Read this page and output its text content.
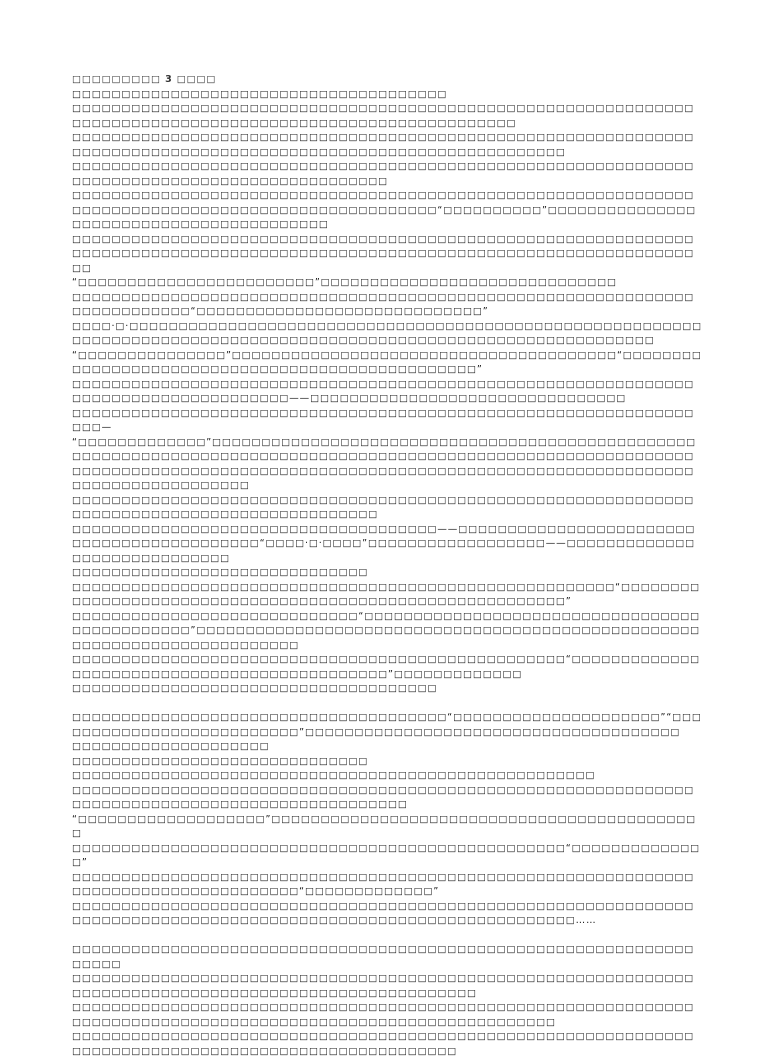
□□□□□□□□□ 3 □□□□
□□□□□□□□□□□□□□□□□□□□□□□□□□□□□□□□□□□□□□
□□□□□□□□□□□□□□□□□□□□□□□□□□□□□□□□□□□□□□□□□□□□□□□□□□□□□□□□□□□□□□□□□□□□□□□□□□□□□□□□□□□□□□□□□□□□□□□□□□□□□□□□□□□□
□□□□□□□□□□□□□□□□□□□□□□□□□□□□□□□□□□□□□□□□□□□□□□□□□□□□□□□□□□□□□□□□□□□□□□□□□□□□□□□□□□□□□□□□□□□□□□□□□□□□□□□□□□□□□□□□□
□□□□□□□□□□□□□□□□□□□□□□□□□□□□□□□□□□□□□□□□□□□□□□□□□□□□□□□□□□□□□□□□□□□□□□□□□□□□□□□□□□□□□□□□□□□□□□□
□□□□□□□□□□□□□□□□□□□□□□□□□□□□□□□□□□□□□□□□□□□□□□□□□□□□□□□□□□□□□□□□□□□□□□□□□□□□□□□□□□□□□□□□□□□□□□□□□□□□“□□□□□□□□□□”□□□□□□□□□□□□□□□□□□□□□□□□□□□□□□□□□□□□□□□□□
□□□□□□□□□□□□□□□□□□□□□□□□□□□□□□□□□□□□□□□□□□□□□□□□□□□□□□□□□□□□□□□□□□□□□□□□□□□□□□□□□□□□□□□□□□□□□□□□□□□□□□□□□□□□□□□□□□□□□□□□□□□□□□□□
“□□□□□□□□□□□□□□□□□□□□□□□□”□□□□□□□□□□□□□□□□□□□□□□□□□□□□□□
□□□□□□□□□□□□□□□□□□□□□□□□□□□□□□□□□□□□□□□□□□□□□□□□□□□□□□□□□□□□□□□□□□□□□□□□□□□“□□□□□□□□□□□□□□□□□□□□□□□□□□□□□”
□□□□·□·□□□□□□□□□□□□□□□□□□□□□□□□□□□□□□□□□□□□□□□□□□□□□□□□□□□□□□□□□□□□□□□□□□□□□□□□□□□□□□□□□□□□□□□□□□□□□□□□□□□□□□□□□□□□□□□□□□□□□
“□□□□□□□□□□□□□□□”□□□□□□□□□□□□□□□□□□□□□□□□□□□□□□□□□□□□□□□“□□□□□□□□□□□□□□□□□□□□□□□□□□□□□□□□□□□□□□□□□□□□□□□□□”
□□□□□□□□□□□□□□□□□□□□□□□□□□□□□□□□□□□□□□□□□□□□□□□□□□□□□□□□□□□□□□□□□□□□□□□□□□□□□□□□□□□□□——□□□□□□□□□□□□□□□□□□□□□□□□□□□□□□□□
□□□□□□□□□□□□□□□□□□□□□□□□□□□□□□□□□□□□□□□□□□□□□□□□□□□□□□□□□□□□□□□□□□—
“□□□□□□□□□□□□□”□□□□□□□□□□□□□□□□□□□□□□□□□□□□□□□□□□□□□□□□□□□□□□□□□□□□□□□□□□□□□□□□□□□□□□□□□□□□□□□□□□□□□□□□□□□□□□□□□□□□□□□□□□□□□□□□□□□□□□□□□□□□□□□□□□□□□□□□□□□□□□□□□□□□□□□□□□□□□□□□□□□□□□□□□□□□□□□□□□□□□□□□□□□□□□□□□
□□□□□□□□□□□□□□□□□□□□□□□□□□□□□□□□□□□□□□□□□□□□□□□□□□□□□□□□□□□□□□□□□□□□□□□□□□□□□□□□□□□□□□□□□□□□□□
□□□□□□□□□□□□□□□□□□□□□□□□□□□□□□□□□□□□□——□□□□□□□□□□□□□□□□□□□□□□□□□□□□□□□□□□□□□□□□□□□“□□□□·□·□□□□”□□□□□□□□□□□□□□□□□□——□□□□□□□□□□□□□□□□□□□□□□□□□□□□□
□□□□□□□□□□□□□□□□□□□□□□□□□□□□□□
□□□□□□□□□□□□□□□□□□□□□□□□□□□□□□□□□□□□□□□□□□□□□□□□□□□□□□□“□□□□□□□□□□□□□□□□□□□□□□□□□□□□□□□□□□□□□□□□□□□□□□□□□□□□□□□□□□”
□□□□□□□□□□□□□□□□□□□□□□□□□□□□□“□□□□□□□□□□□□□□□□□□□□□□□□□□□□□□□□□□□□□□□□□□□□□□”□□□□□□□□□□□□□□□□□□□□□□□□□□□□□□□□□□□□□□□□□□□□□□□□□□□□□□□□□□□□□□□□□□□□□□□□□□
□□□□□□□□□□□□□□□□□□□□□□□□□□□□□□□□□□□□□□□□□□□□□□□□□□“□□□□□□□□□□□□□□□□□□□□□□□□□□□□□□□□□□□□□□□□□□□□□”□□□□□□□□□□□□□
□□□□□□□□□□□□□□□□□□□□□□□□□□□□□□□□□□□□□
□□□□□□□□□□□□□□□□□□□□□□□□□□□□□□□□□□□□□□“□□□□□□□□□□□□□□□□□□□□□”“□□□□□□□□□□□□□□□□□□□□□□□□□□”□□□□□□□□□□□□□□□□□□□□□□□□□□□□□□□□□□□□□□
□□□□□□□□□□□□□□□□□□□□
□□□□□□□□□□□□□□□□□□□□□□□□□□□□□□
□□□□□□□□□□□□□□□□□□□□□□□□□□□□□□□□□□□□□□□□□□□□□□□□□□□□□
□□□□□□□□□□□□□□□□□□□□□□□□□□□□□□□□□□□□□□□□□□□□□□□□□□□□□□□□□□□□□□□□□□□□□□□□□□□□□□□□□□□□□□□□□□□□□□□□□
“□□□□□□□□□□□□□□□□□□□”□□□□□□□□□□□□□□□□□□□□□□□□□□□□□□□□□□□□□□□□□□□□
□□□□□□□□□□□□□□□□□□□□□□□□□□□□□□□□□□□□□□□□□□□□□□□□□□“□□□□□□□□□□□□□□”
□□□□□□□□□□□□□□□□□□□□□□□□□□□□□□□□□□□□□□□□□□□□□□□□□□□□□□□□□□□□□□□□□□□□□□□□□□□□□□□□□□□□□□“□□□□□□□□□□□□□”
□□□□□□□□□□□□□□□□□□□□□□□□□□□□□□□□□□□□□□□□□□□□□□□□□□□□□□□□□□□□□□□□□□□□□□□□□□□□□□□□□□□□□□□□□□□□□□□□□□□□□□□□□□□□□□□□□□……
□□□□□□□□□□□□□□□□□□□□□□□□□□□□□□□□□□□□□□□□□□□□□□□□□□□□□□□□□□□□□□□□□□□□
□□□□□□□□□□□□□□□□□□□□□□□□□□□□□□□□□□□□□□□□□□□□□□□□□□□□□□□□□□□□□□□□□□□□□□□□□□□□□□□□□□□□□□□□□□□□□□□□□□□□□□□□
□□□□□□□□□□□□□□□□□□□□□□□□□□□□□□□□□□□□□□□□□□□□□□□□□□□□□□□□□□□□□□□□□□□□□□□□□□□□□□□□□□□□□□□□□□□□□□□□□□□□□□□□□□□□□□□□
□□□□□□□□□□□□□□□□□□□□□□□□□□□□□□□□□□□□□□□□□□□□□□□□□□□□□□□□□□□□□□□□□□□□□□□□□□□□□□□□□□□□□□□□□□□□□□□□□□□□□□
